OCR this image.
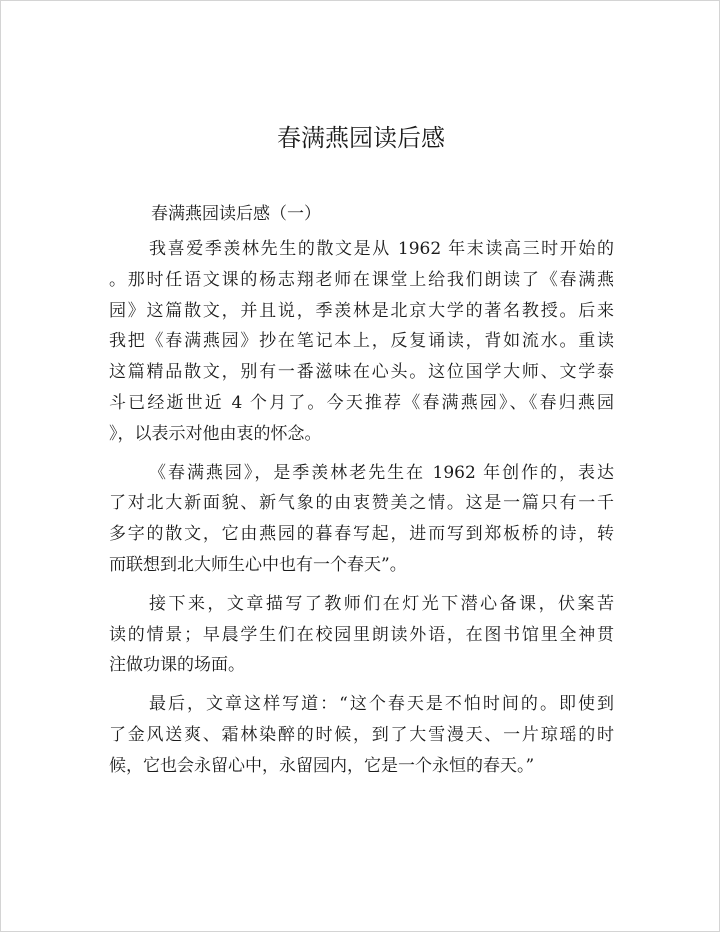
春满燕园读后感

春满燕园读后感（一）

我喜爱季羡林先生的散文是从 1962 年末读高三时开始的
。那时任语文课的杨志翔老师在课堂上给我们朗读了《春满燕
园》这篇散文，并且说，季羡林是北京大学的著名教授。后来
我把《春满燕园》抄在笔记本上，反复诵读，背如流水。重读
这篇精品散文，别有一番滋味在心头。这位国学大师、文学泰
斗已经逝世近 4 个月了。今天推荐《春满燕园》、《春归燕园
》，以表示对他由衷的怀念。
《春满燕园》，是季羡林老先生在 1962 年创作的，表达
了对北大新面貌、新气象的由衷赞美之情。这是一篇只有一千
多字的散文，它由燕园的暮春写起，进而写到郑板桥的诗，转
而联想到北大师生心中也有一个春天”。
接下来，文章描写了教师们在灯光下潜心备课，伏案苦
读的情景；早晨学生们在校园里朗读外语，在图书馆里全神贯
注做功课的场面。
最后，文章这样写道：“这个春天是不怕时间的。即使到
了金风送爽、霜林染醉的时候，到了大雪漫天、一片琼瑶的时
候，它也会永留心中，永留园内，它是一个永恒的春天。”
